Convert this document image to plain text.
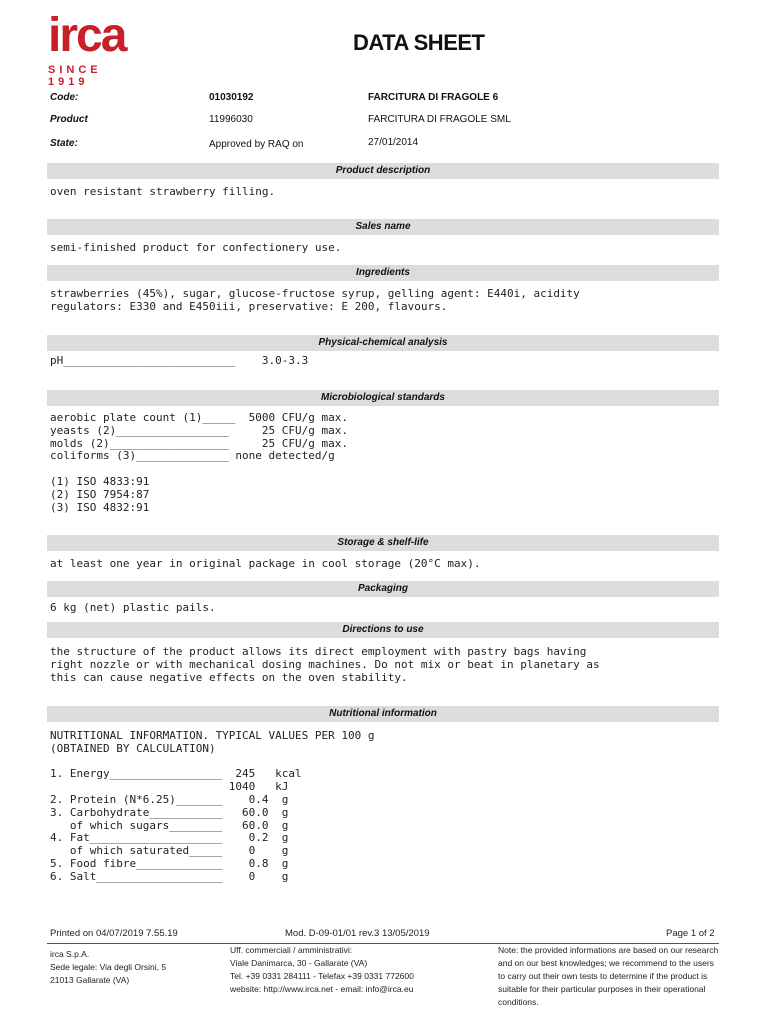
irca
SINCE 1919
DATA SHEET
Code:	01030192	FARCITURA DI FRAGOLE 6
Product	11996030	FARCITURA DI FRAGOLE SML
State:	Approved by RAQ on	27/01/2014
Product description
oven resistant strawberry filling.
Sales name
semi-finished product for confectionery use.
Ingredients
strawberries (45%), sugar, glucose-fructose syrup, gelling agent: E440i, acidity
regulators: E330 and E450iii, preservative: E 200, flavours.
Physical-chemical analysis
pH__________________________    3.0-3.3
Microbiological standards
aerobic plate count (1)_____  5000 CFU/g max.
yeasts (2)_________________     25 CFU/g max.
molds (2)__________________     25 CFU/g max.
coliforms (3)______________ none detected/g

(1) ISO 4833:91
(2) ISO 7954:87
(3) ISO 4832:91
Storage & shelf-life
at least one year in original package in cool storage (20°C max).
Packaging
6 kg (net) plastic pails.
Directions to use
the structure of the product allows its direct employment with pastry bags having
right nozzle or with mechanical dosing machines. Do not mix or beat in planetary as
this can cause negative effects on the oven stability.
Nutritional information
NUTRITIONAL INFORMATION. TYPICAL VALUES PER 100 g
(OBTAINED BY CALCULATION)

1. Energy_________________  245   kcal
1040   kJ
2. Protein (N*6.25)_______    0.4  g
3. Carbohydrate___________   60.0  g
of which sugars________   60.0  g
4. Fat____________________    0.2  g
of which saturated_____    0    g
5. Food fibre_____________    0.8  g
6. Salt___________________    0    g
Printed on 04/07/2019 7.55.19	Mod. D-09-01/01 rev.3 13/05/2019	Page 1 of 2
irca S.p.A.
Sede legale: Via degli Orsini, 5
21013 Gallarate (VA)
Uff. commerciali / amministrativi:
Viale Danimarca, 30 - Gallarate (VA)
Tel. +39 0331 284111 - Telefax +39 0331 772600
website: http://www.irca.net - email: info@irca.eu
Note: the provided informations are based on our research
and on our best knowledges; we recommend to the users
to carry out their own tests to determine if the product is
suitable for their particular purposes in their operational
conditions.
